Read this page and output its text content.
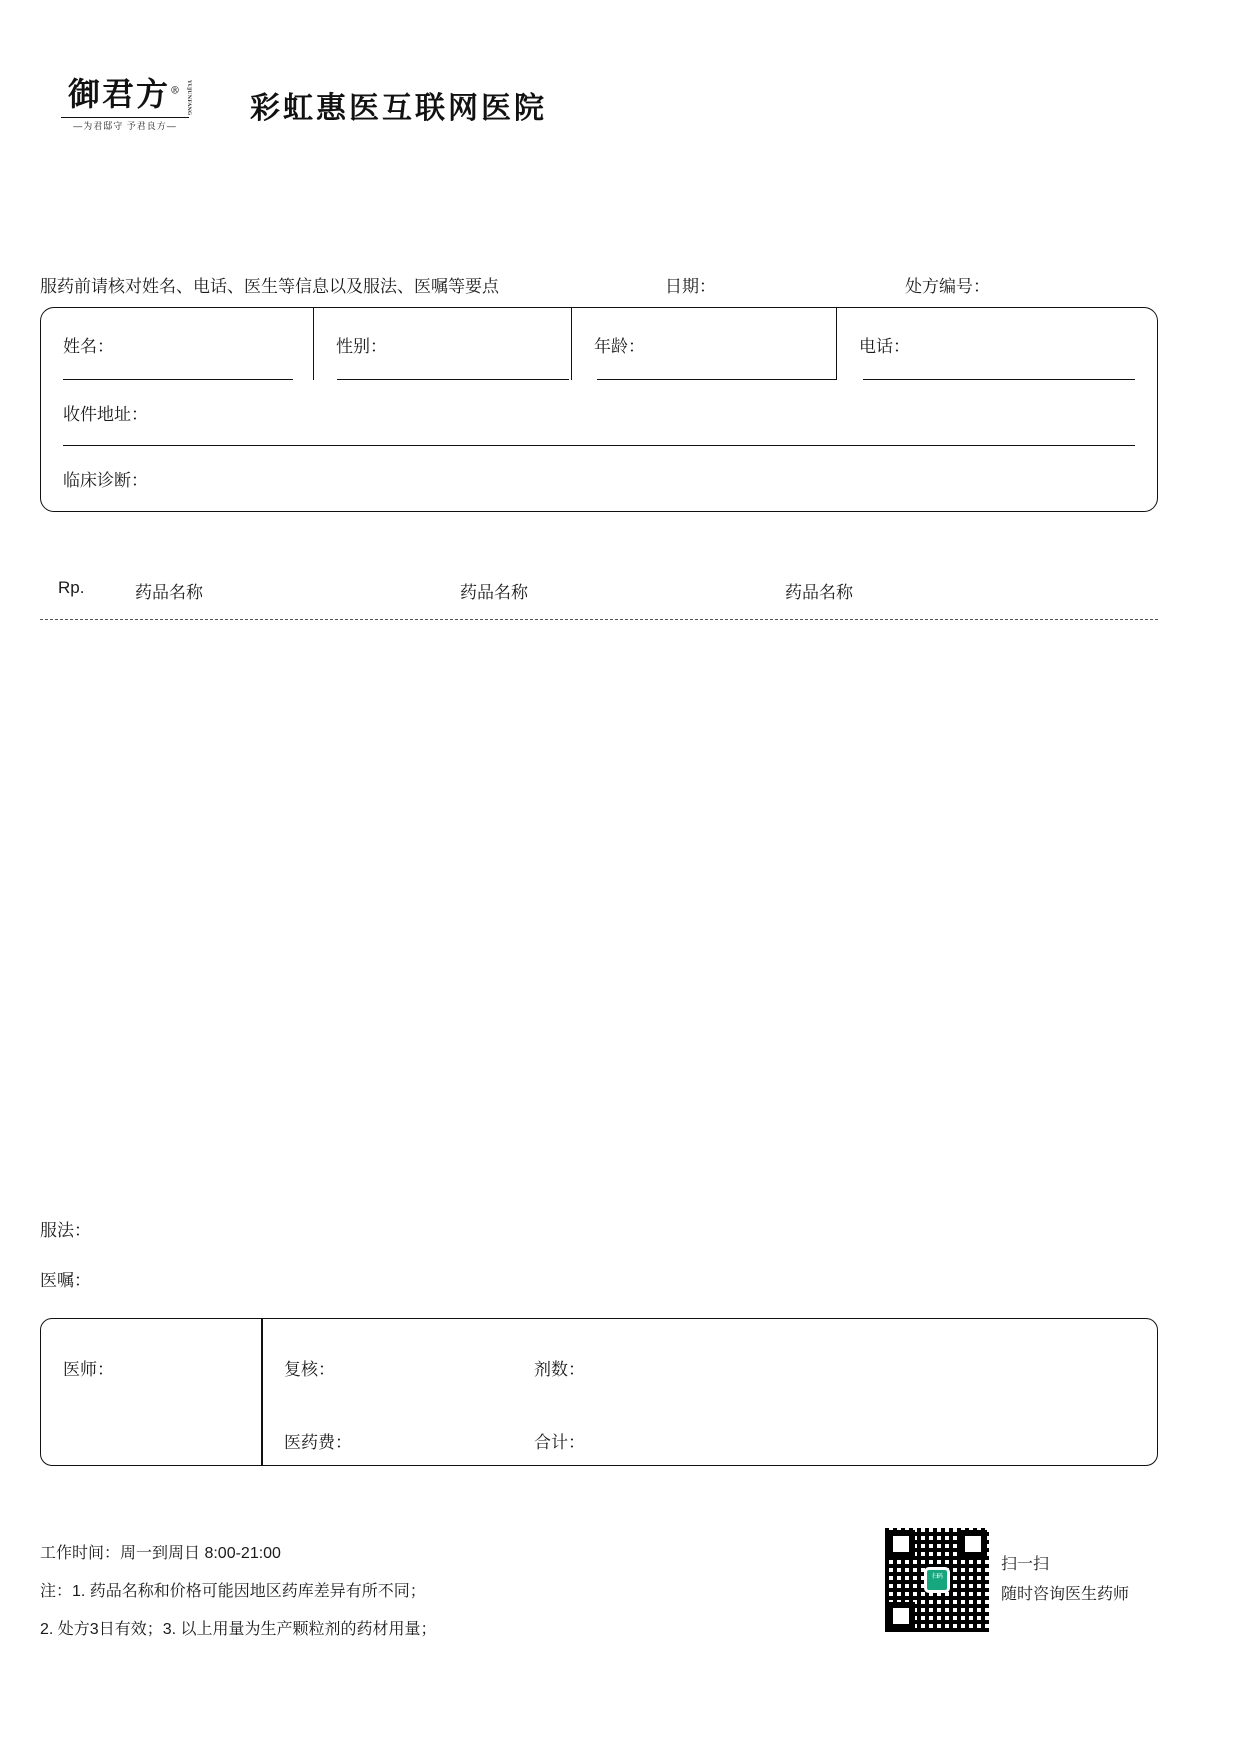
御君方® YUJUNFANG
—为君邸守 予君良方—
彩虹惠医互联网医院
服药前请核对姓名、电话、医生等信息以及服法、医嘱等要点	日期：	处方编号：
姓名：	性别：	年龄：	电话：
收件地址：
临床诊断：
Rp.	药品名称	药品名称	药品名称
服法：
医嘱：
医师：	复核：	剂数：
医药费：	合计：
工作时间：周一到周日 8:00-21:00
注：1. 药品名称和价格可能因地区药库差异有所不同；
2. 处方3日有效；3. 以上用量为生产颗粒剂的药材用量；
扫码
扫一扫
随时咨询医生药师
